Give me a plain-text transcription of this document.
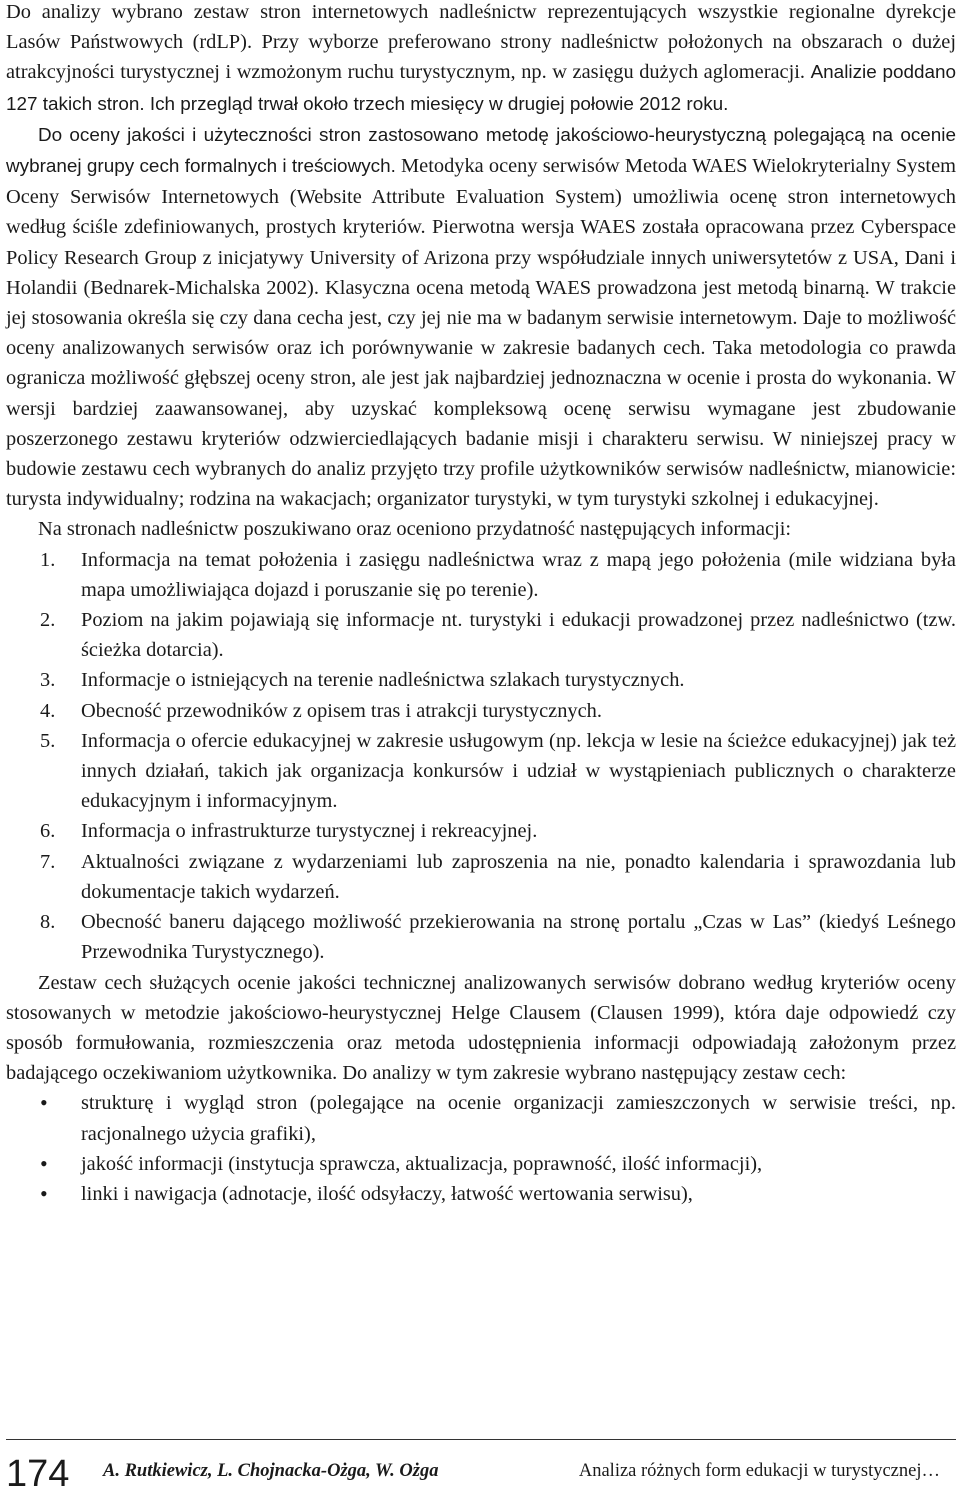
Do analizy wybrano zestaw stron internetowych nadleśnictw reprezentujących wszystkie regionalne dyrekcje Lasów Państwowych (rdLP). Przy wyborze preferowano strony nadleśnictw położonych na obszarach o dużej atrakcyjności turystycznej i wzmożonym ruchu turystycznym, np. w zasięgu dużych aglomeracji. Analizie poddano 127 takich stron. Ich przegląd trwał około trzech miesięcy w drugiej połowie 2012 roku.

Do oceny jakości i użyteczności stron zastosowano metodę jakościowo-heurystyczną polegającą na ocenie wybranej grupy cech formalnych i treściowych. Metodyka oceny serwisów Metoda WAES Wielokryterialny System Oceny Serwisów Internetowych (Website Attribute Evaluation System) umożliwia ocenę stron internetowych według ściśle zdefiniowanych, prostych kryteriów. Pierwotna wersja WAES została opracowana przez Cyberspace Policy Research Group z inicjatywy University of Arizona przy współudziale innych uniwersytetów z USA, Dani i Holandii (Bednarek-Michalska 2002). Klasyczna ocena metodą WAES prowadzona jest metodą binarną. W trakcie jej stosowania określa się czy dana cecha jest, czy jej nie ma w badanym serwisie internetowym. Daje to możliwość oceny analizowanych serwisów oraz ich porównywanie w zakresie badanych cech. Taka metodologia co prawda ogranicza możliwość głębszej oceny stron, ale jest jak najbardziej jednoznaczna w ocenie i prosta do wykonania. W wersji bardziej zaawansowanej, aby uzyskać kompleksową ocenę serwisu wymagane jest zbudowanie poszerzonego zestawu kryteriów odzwierciedlających badanie misji i charakteru serwisu. W niniejszej pracy w budowie zestawu cech wybranych do analiz przyjęto trzy profile użytkowników serwisów nadleśnictw, mianowicie: turysta indywidualny; rodzina na wakacjach; organizator turystyki, w tym turystyki szkolnej i edukacyjnej.

Na stronach nadleśnictw poszukiwano oraz oceniono przydatność następujących informacji:

1. Informacja na temat położenia i zasięgu nadleśnictwa wraz z mapą jego położenia (mile widziana była mapa umożliwiająca dojazd i poruszanie się po terenie).
2. Poziom na jakim pojawiają się informacje nt. turystyki i edukacji prowadzonej przez nadleśnictwo (tzw. ścieżka dotarcia).
3. Informacje o istniejących na terenie nadleśnictwa szlakach turystycznych.
4. Obecność przewodników z opisem tras i atrakcji turystycznych.
5. Informacja o ofercie edukacyjnej w zakresie usługowym (np. lekcja w lesie na ścieżce edukacyjnej) jak też innych działań, takich jak organizacja konkursów i udział w wystąpieniach publicznych o charakterze edukacyjnym i informacyjnym.
6. Informacja o infrastrukturze turystycznej i rekreacyjnej.
7. Aktualności związane z wydarzeniami lub zaproszenia na nie, ponadto kalendaria i sprawozdania lub dokumentacje takich wydarzeń.
8. Obecność baneru dającego możliwość przekierowania na stronę portalu „Czas w Las” (kiedyś Leśnego Przewodnika Turystycznego).

Zestaw cech służących ocenie jakości technicznej analizowanych serwisów dobrano według kryteriów oceny stosowanych w metodzie jakościowo-heurystycznej Helge Clausem (Clausen 1999), która daje odpowiedź czy sposób formułowania, rozmieszczenia oraz metoda udostępnienia informacji odpowiadają założonym przez badającego oczekiwaniom użytkownika. Do analizy w tym zakresie wybrano następujący zestaw cech:

• strukturę i wygląd stron (polegające na ocenie organizacji zamieszczonych w serwisie treści, np. racjonalnego użycia grafiki),
• jakość informacji (instytucja sprawcza, aktualizacja, poprawność, ilość informacji),
• linki i nawigacja (adnotacje, ilość odsyłaczy, łatwość wertowania serwisu),
174 A. Rutkiewicz, L. Chojnacka-Ożga, W. Ożga	Analiza różnych form edukacji w turystycznej…
